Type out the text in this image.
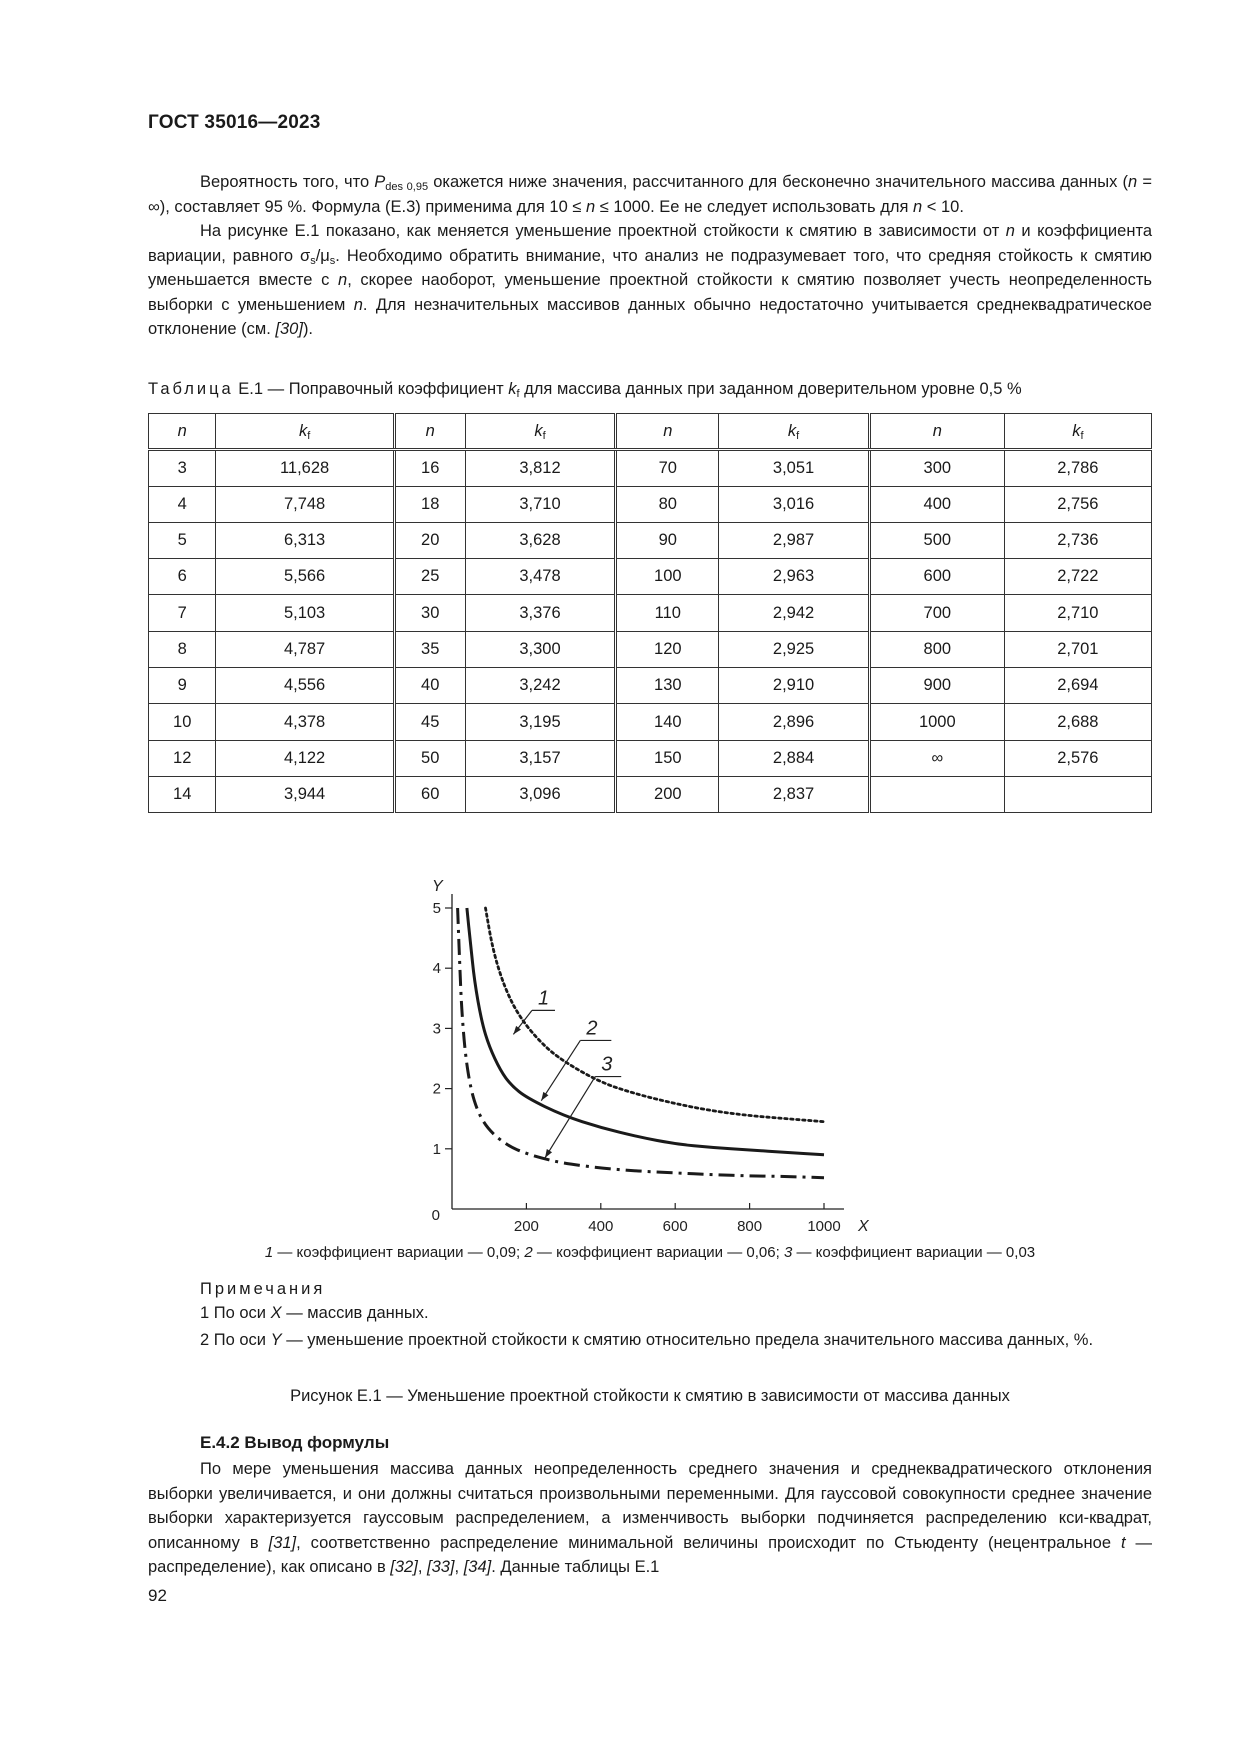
ГОСТ 35016—2023

Вероятность того, что $P_{des 0,95}$ окажется ниже значения, рассчитанного для бесконечно значительного массива данных (n = ∞), составляет 95 %. Формула (Е.3) применима для 10 ≤ n ≤ 1000. Ее не следует использовать для n < 10.

На рисунке Е.1 показано, как меняется уменьшение проектной стойкости к смятию в зависимости от n и коэффициента вариации, равного $\sigma_s/\mu_s$. Необходимо обратить внимание, что анализ не подразумевает того, что средняя стойкость к смятию уменьшается вместе с n, скорее наоборот, уменьшение проектной стойкости к смятию позволяет учесть неопределенность выборки с уменьшением n. Для незначительных массивов данных обычно недостаточно учитывается среднеквадратическое отклонение (см. [30]).

Таблица Е.1 — Поправочный коэффициент $k_f$ для массива данных при заданном доверительном уровне 0,5 %
n	$k_f$	n	$k_f$	n	$k_f$	n	$k_f$
3	11,628	16	3,812	70	3,051	300	2,786
4	7,748	18	3,710	80	3,016	400	2,756
5	6,313	20	3,628	90	2,987	500	2,736
6	5,566	25	3,478	100	2,963	600	2,722
7	5,103	30	3,376	110	2,942	700	2,710
8	4,787	35	3,300	120	2,925	800	2,701
9	4,556	40	3,242	130	2,910	900	2,694
10	4,378	45	3,195	140	2,896	1000	2,688
12	4,122	50	3,157	150	2,884	∞	2,576
14	3,944	60	3,096	200	2,837		
1
2
3
4
5
200	400	600	800	1000
0
X
Y
1
2
3
1 — коэффициент вариации — 0,09; 2 — коэффициент вариации — 0,06; 3 — коэффициент вариации — 0,03
Примечания
1 По оси X — массив данных.
2 По оси Y — уменьшение проектной стойкости к смятию относительно предела значительного массива данных, %.
Рисунок Е.1 — Уменьшение проектной стойкости к смятию в зависимости от массива данных
Е.4.2 Вывод формулы

По мере уменьшения массива данных неопределенность среднего значения и среднеквадратического отклонения выборки увеличивается, и они должны считаться произвольными переменными. Для гауссовой совокупности среднее значение выборки характеризуется гауссовым распределением, а изменчивость выборки подчиняется распределению кси-квадрат, описанному в [31], соответственно распределение минимальной величины происходит по Стьюденту (нецентральное t — распределение), как описано в [32], [33], [34]. Данные таблицы Е.1

92
